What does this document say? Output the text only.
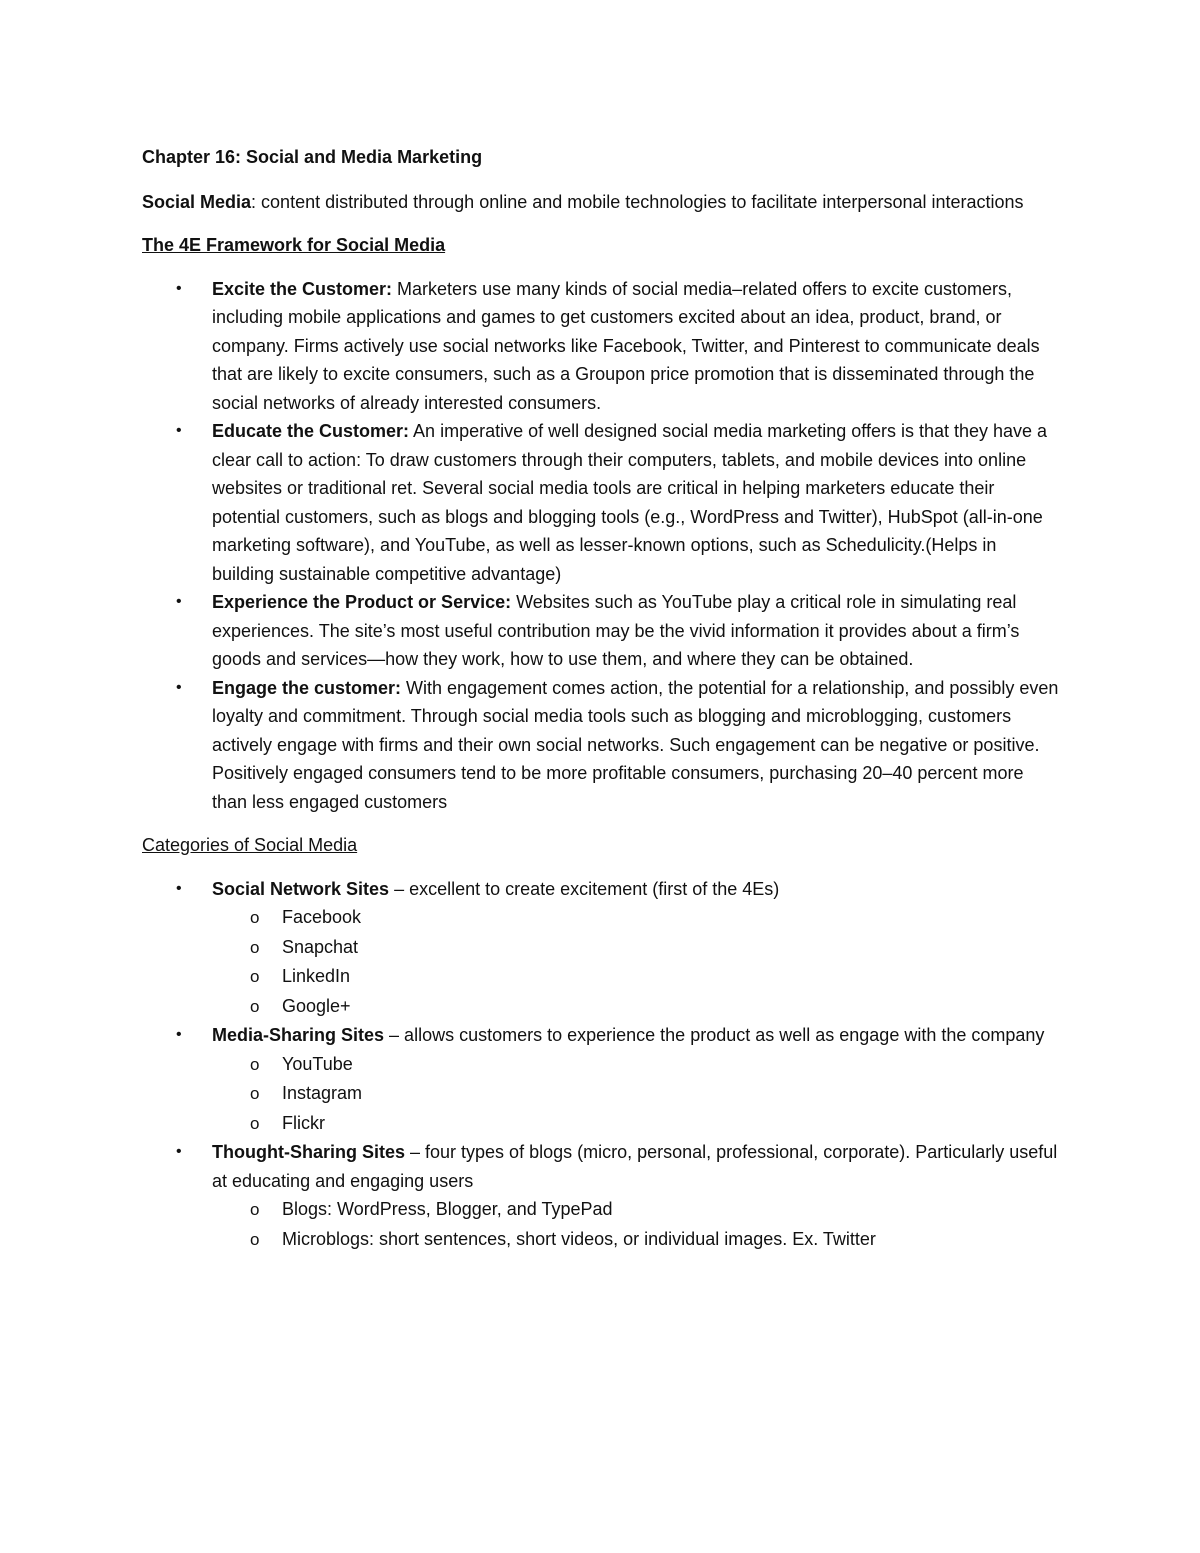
Chapter 16: Social and Media Marketing
Social Media: content distributed through online and mobile technologies to facilitate interpersonal interactions
The 4E Framework for Social Media
• Excite the Customer: Marketers use many kinds of social media–related offers to excite customers, including mobile applications and games to get customers excited about an idea, product, brand, or company. Firms actively use social networks like Facebook, Twitter, and Pinterest to communicate deals that are likely to excite consumers, such as a Groupon price promotion that is disseminated through the social networks of already interested consumers.
• Educate the Customer: An imperative of well designed social media marketing offers is that they have a clear call to action: To draw customers through their computers, tablets, and mobile devices into online websites or traditional ret. Several social media tools are critical in helping marketers educate their potential customers, such as blogs and blogging tools (e.g., WordPress and Twitter), HubSpot (all-in-one marketing software), and YouTube, as well as lesser-known options, such as Schedulicity.(Helps in building sustainable competitive advantage)
• Experience the Product or Service: Websites such as YouTube play a critical role in simulating real experiences. The site’s most useful contribution may be the vivid information it provides about a firm’s goods and services—how they work, how to use them, and where they can be obtained.
• Engage the customer: With engagement comes action, the potential for a relationship, and possibly even loyalty and commitment. Through social media tools such as blogging and microblogging, customers actively engage with firms and their own social networks. Such engagement can be negative or positive. Positively engaged consumers tend to be more profitable consumers, purchasing 20–40 percent more than less engaged customers
Categories of Social Media
• Social Network Sites – excellent to create excitement (first of the 4Es)
o Facebook
o Snapchat
o LinkedIn
o Google+
• Media-Sharing Sites – allows customers to experience the product as well as engage with the company
o YouTube
o Instagram
o Flickr
• Thought-Sharing Sites – four types of blogs (micro, personal, professional, corporate). Particularly useful at educating and engaging users
o Blogs: WordPress, Blogger, and TypePad
o Microblogs: short sentences, short videos, or individual images. Ex. Twitter
